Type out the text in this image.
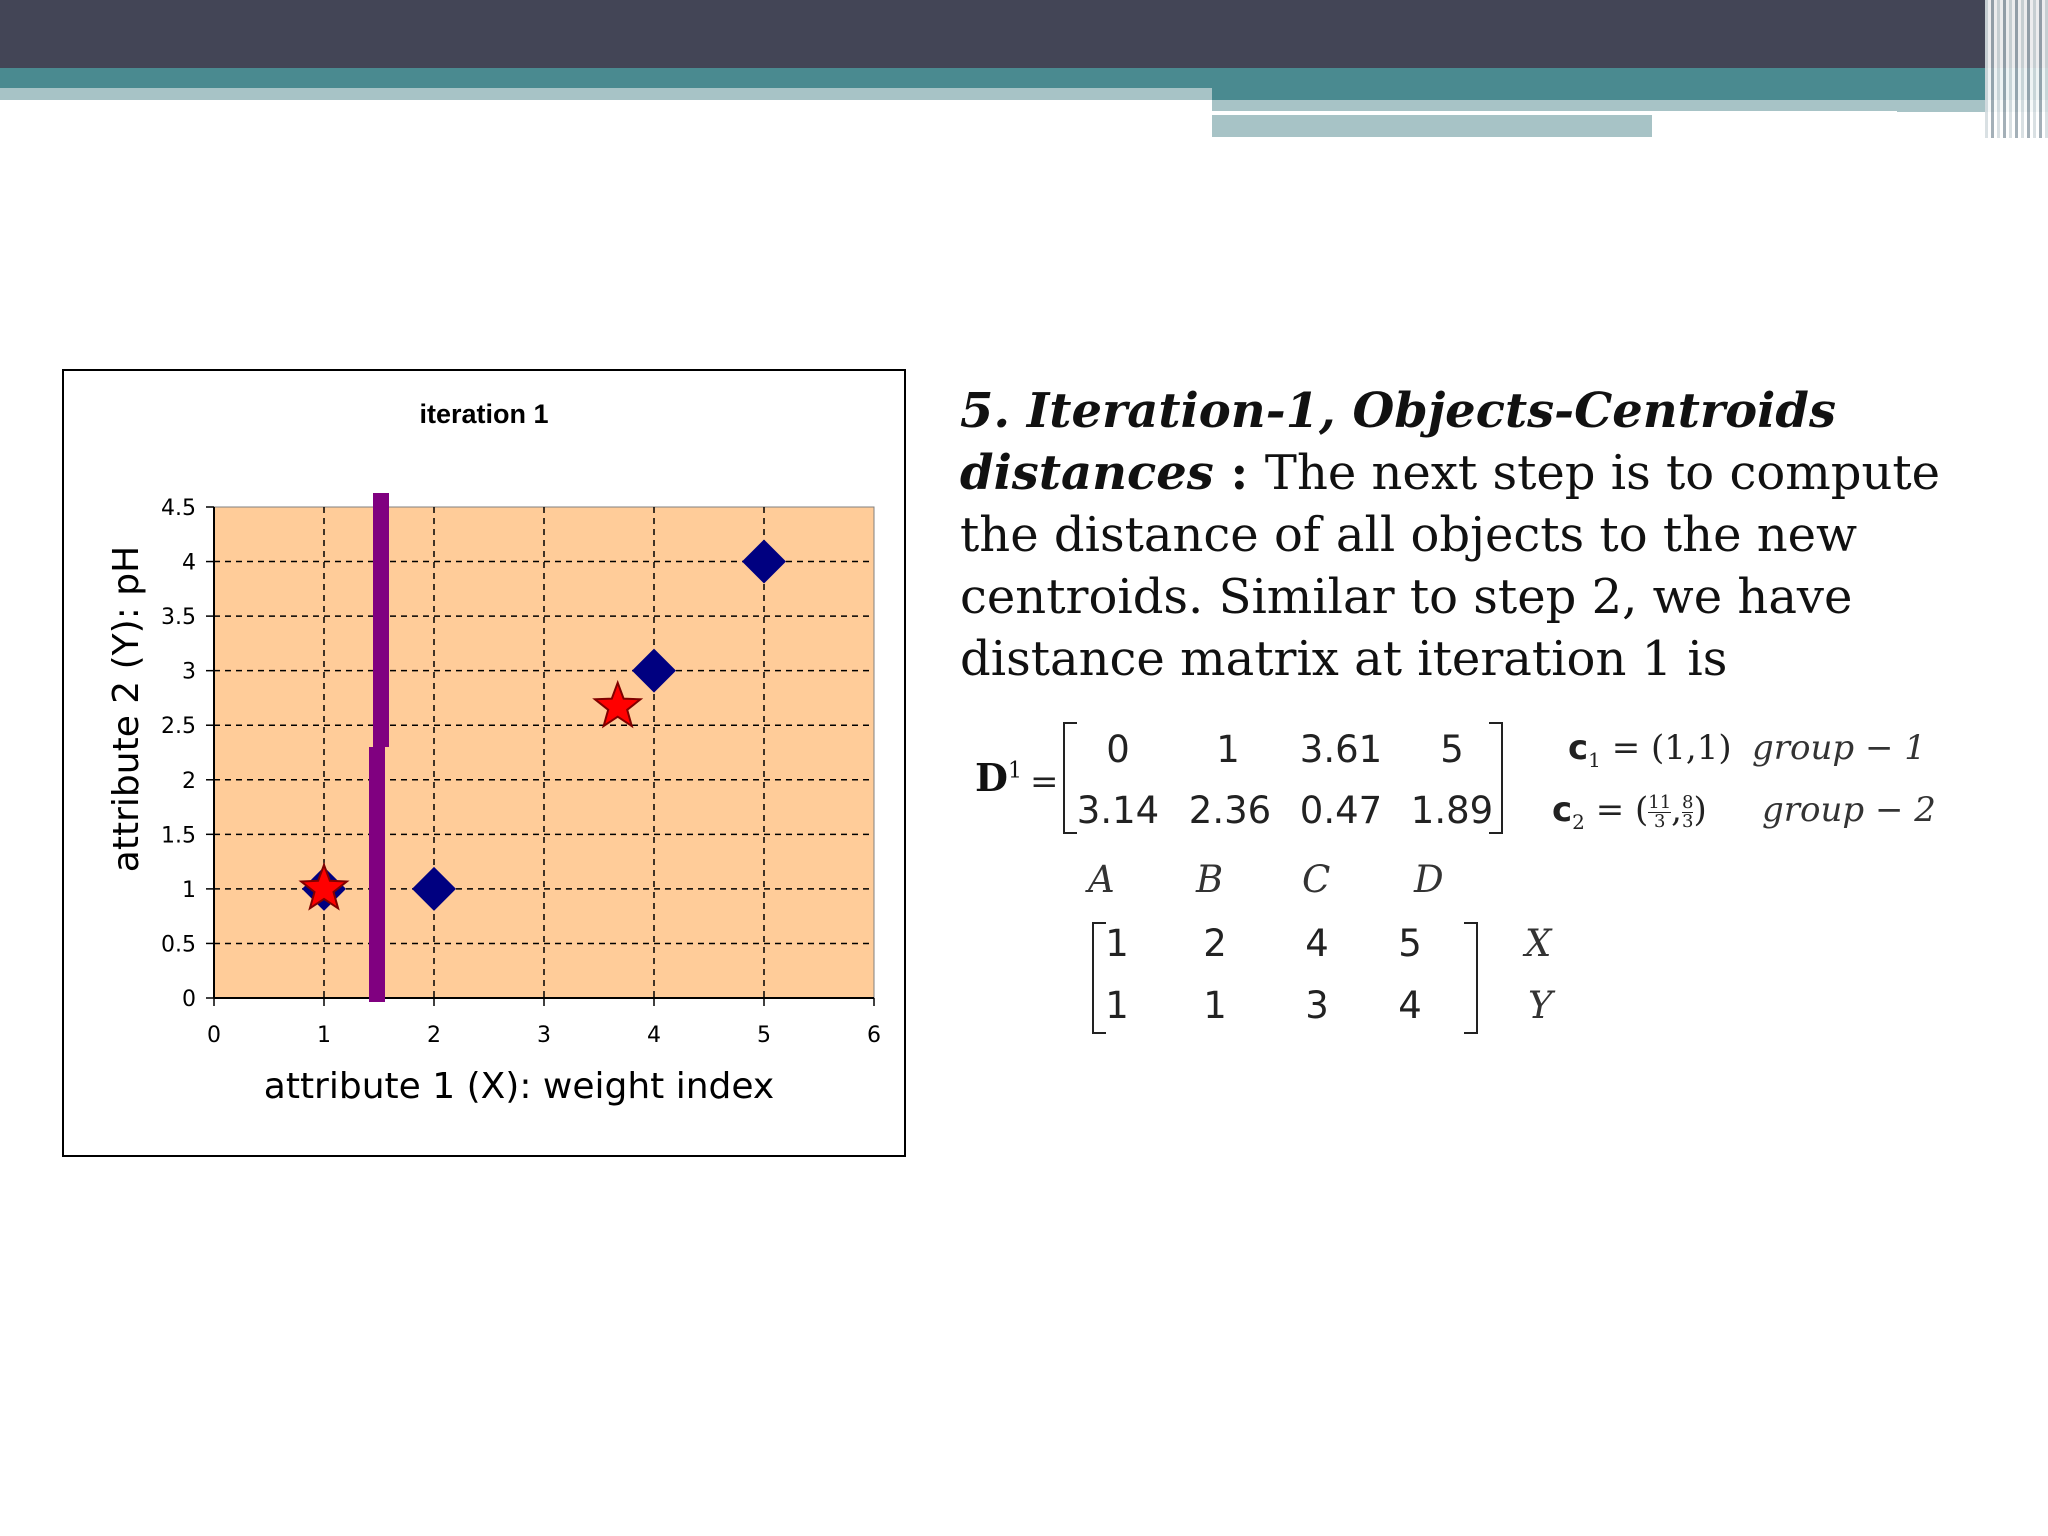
iteration 1
attribute 1 (X): weight index
attribute 2 (Y): pH
0	1	2	3	4	5	6
0
0.5
1
1.5
2
2.5
3
3.5
4
4.5
5. Iteration-1, Objects-Centroids distances : The next step is to compute the distance of all objects to the new centroids. Similar to step 2, we have distance matrix at iteration 1 is
$D^1$ =
0	1	3.61	5
3.14 2.36 0.47 1.89
$c_1 = (1,1)$ group − 1
$c_2$ = ( $\frac{11}{3}$ , $\frac{8}{3}$ ) group − 2
A B C D
1	2	4	5
1	1	3	4
X
Y
